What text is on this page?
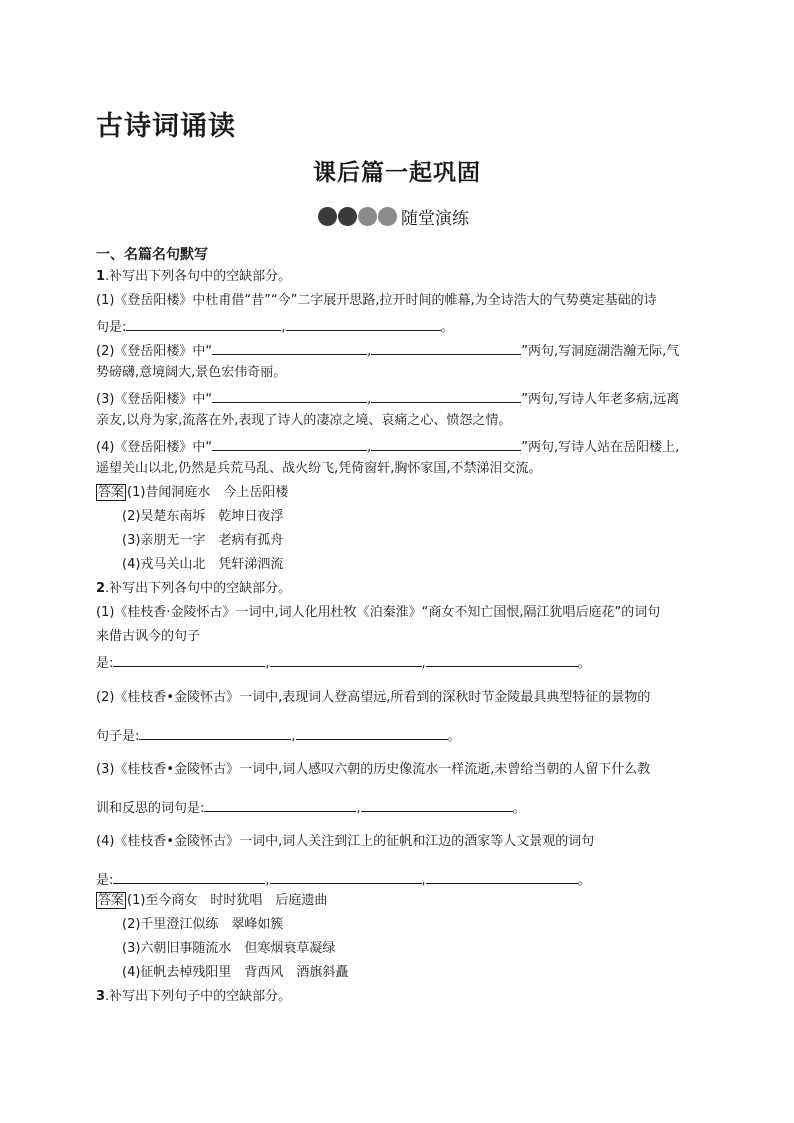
古诗词诵读
课后篇一起巩固
随堂演练
一、名篇名句默写
1.补写出下列各句中的空缺部分。
(1)《登岳阳楼》中杜甫借“昔”“今”二字展开思路,拉开时间的帷幕,为全诗浩大的气势奠定基础的诗
句是:	,	。
(2)《登岳阳楼》中“	,	”两句,写洞庭湖浩瀚无际,气
势磅礴,意境阔大,景色宏伟奇丽。
(3)《登岳阳楼》中“	,	”两句,写诗人年老多病,远离
亲友,以舟为家,流落在外,表现了诗人的凄凉之境、哀痛之心、愤怨之情。
(4)《登岳阳楼》中“	,	”两句,写诗人站在岳阳楼上,
遥望关山以北,仍然是兵荒马乱、战火纷飞,凭倚窗轩,胸怀家国,不禁涕泪交流。
答案 (1)昔闻洞庭水　今上岳阳楼
(2)吴楚东南坼　乾坤日夜浮
(3)亲朋无一字　老病有孤舟
(4)戎马关山北　凭轩涕泗流
2.补写出下列各句中的空缺部分。
(1)《桂枝香·金陵怀古》一词中,词人化用杜牧《泊秦淮》“商女不知亡国恨,隔江犹唱后庭花”的词句
来借古讽今的句子
是:	,	,	。
(2)《桂枝香•金陵怀古》一词中,表现词人登高望远,所看到的深秋时节金陵最具典型特征的景物的
句子是:	,	。
(3)《桂枝香•金陵怀古》一词中,词人感叹六朝的历史像流水一样流逝,未曾给当朝的人留下什么教
训和反思的词句是:	,	。
(4)《桂枝香•金陵怀古》一词中,词人关注到江上的征帆和江边的酒家等人文景观的词句
是:	,	,	。
答案 (1)至今商女　时时犹唱　后庭遗曲
(2)千里澄江似练　翠峰如簇
(3)六朝旧事随流水　但寒烟衰草凝绿
(4)征帆去棹残阳里　背西风　酒旗斜矗
3.补写出下列句子中的空缺部分。
